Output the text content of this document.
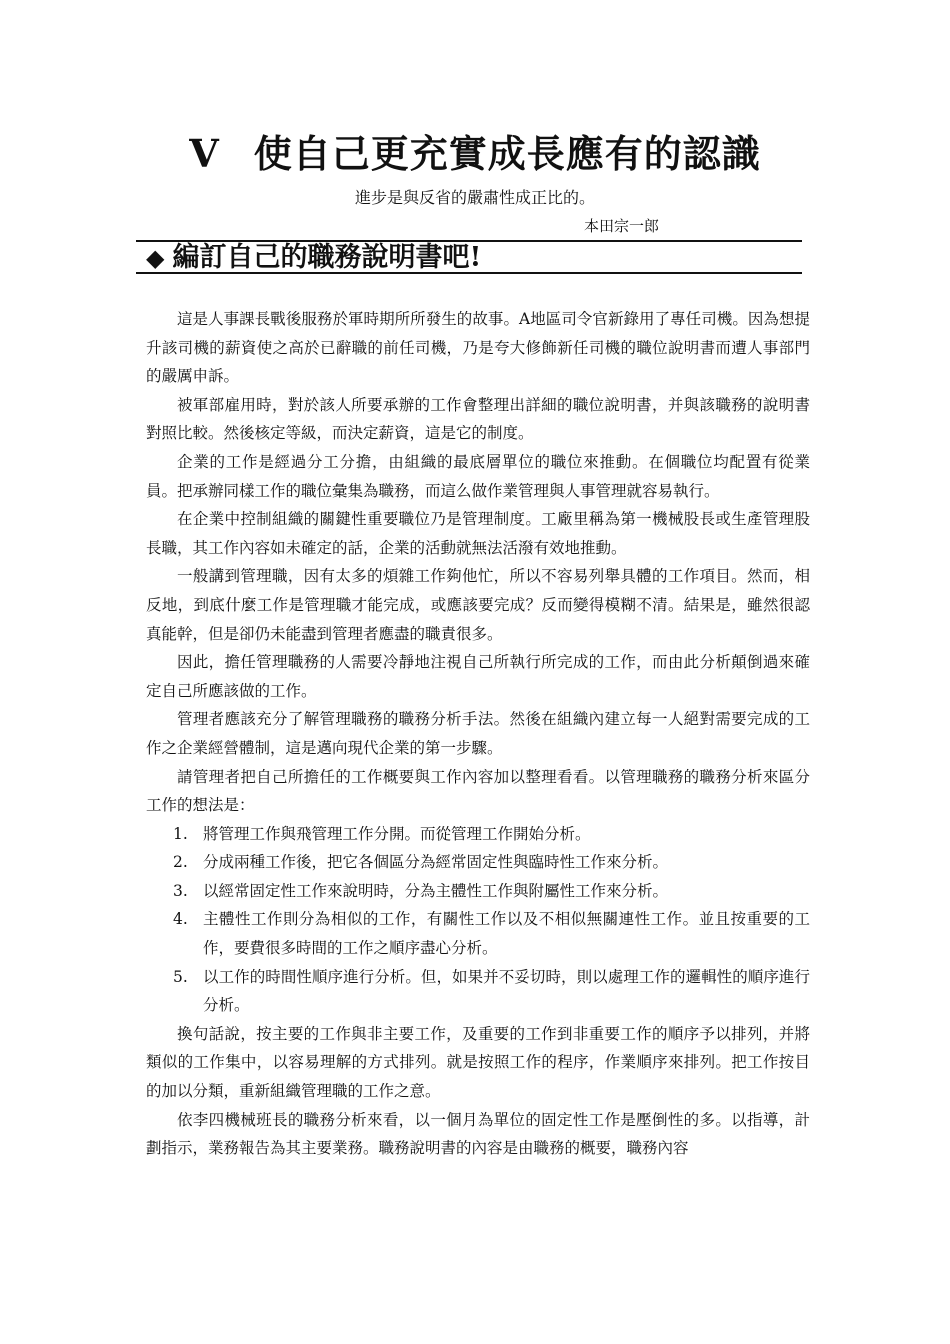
V 使自己更充實成長應有的認識
進步是與反省的嚴肅性成正比的。
本田宗一郎
◆ 編訂自己的職務說明書吧!

這是人事課長戰後服務於軍時期所所發生的故事。A地區司令官新錄用了專任司機。因為想提升該司機的薪資使之高於已辭職的前任司機，乃是夸大修飾新任司機的職位說明書而遭人事部門的嚴厲申訴。

被軍部雇用時，對於該人所要承辦的工作會整理出詳細的職位說明書，并與該職務的說明書對照比較。然後核定等級，而決定薪資，這是它的制度。

企業的工作是經過分工分擔，由組織的最底層單位的職位來推動。在個職位均配置有從業員。把承辦同樣工作的職位彙集為職務，而這么做作業管理與人事管理就容易執行。

在企業中控制組織的關鍵性重要職位乃是管理制度。工廠里稱為第一機械股長或生產管理股長職，其工作內容如未確定的話，企業的活動就無法活潑有效地推動。

一般講到管理職，因有太多的煩雜工作夠他忙，所以不容易列舉具體的工作項目。然而，相反地，到底什麼工作是管理職才能完成，或應該要完成？反而變得模糊不清。結果是，雖然很認真能幹，但是卻仍未能盡到管理者應盡的職責很多。

因此，擔任管理職務的人需要冷靜地注視自己所執行所完成的工作，而由此分析顛倒過來確定自己所應該做的工作。

管理者應該充分了解管理職務的職務分析手法。然後在組織內建立每一人絕對需要完成的工作之企業經營體制，這是邁向現代企業的第一步驟。

請管理者把自己所擔任的工作概要與工作內容加以整理看看。以管理職務的職務分析來區分工作的想法是：

1. 將管理工作與飛管理工作分開。而從管理工作開始分析。
2. 分成兩種工作後，把它各個區分為經常固定性與臨時性工作來分析。
3. 以經常固定性工作來說明時，分為主體性工作與附屬性工作來分析。
4. 主體性工作則分為相似的工作，有關性工作以及不相似無關連性工作。並且按重要的工作，要費很多時間的工作之順序盡心分析。
5. 以工作的時間性順序進行分析。但，如果并不妥切時，則以處理工作的邏輯性的順序進行分析。

換句話說，按主要的工作與非主要工作，及重要的工作到非重要工作的順序予以排列，并將類似的工作集中，以容易理解的方式排列。就是按照工作的程序，作業順序來排列。把工作按目的加以分類，重新組織管理職的工作之意。

依李四機械班長的職務分析來看，以一個月為單位的固定性工作是壓倒性的多。以指導，計劃指示，業務報告為其主要業務。職務說明書的內容是由職務的概要，職務內容
